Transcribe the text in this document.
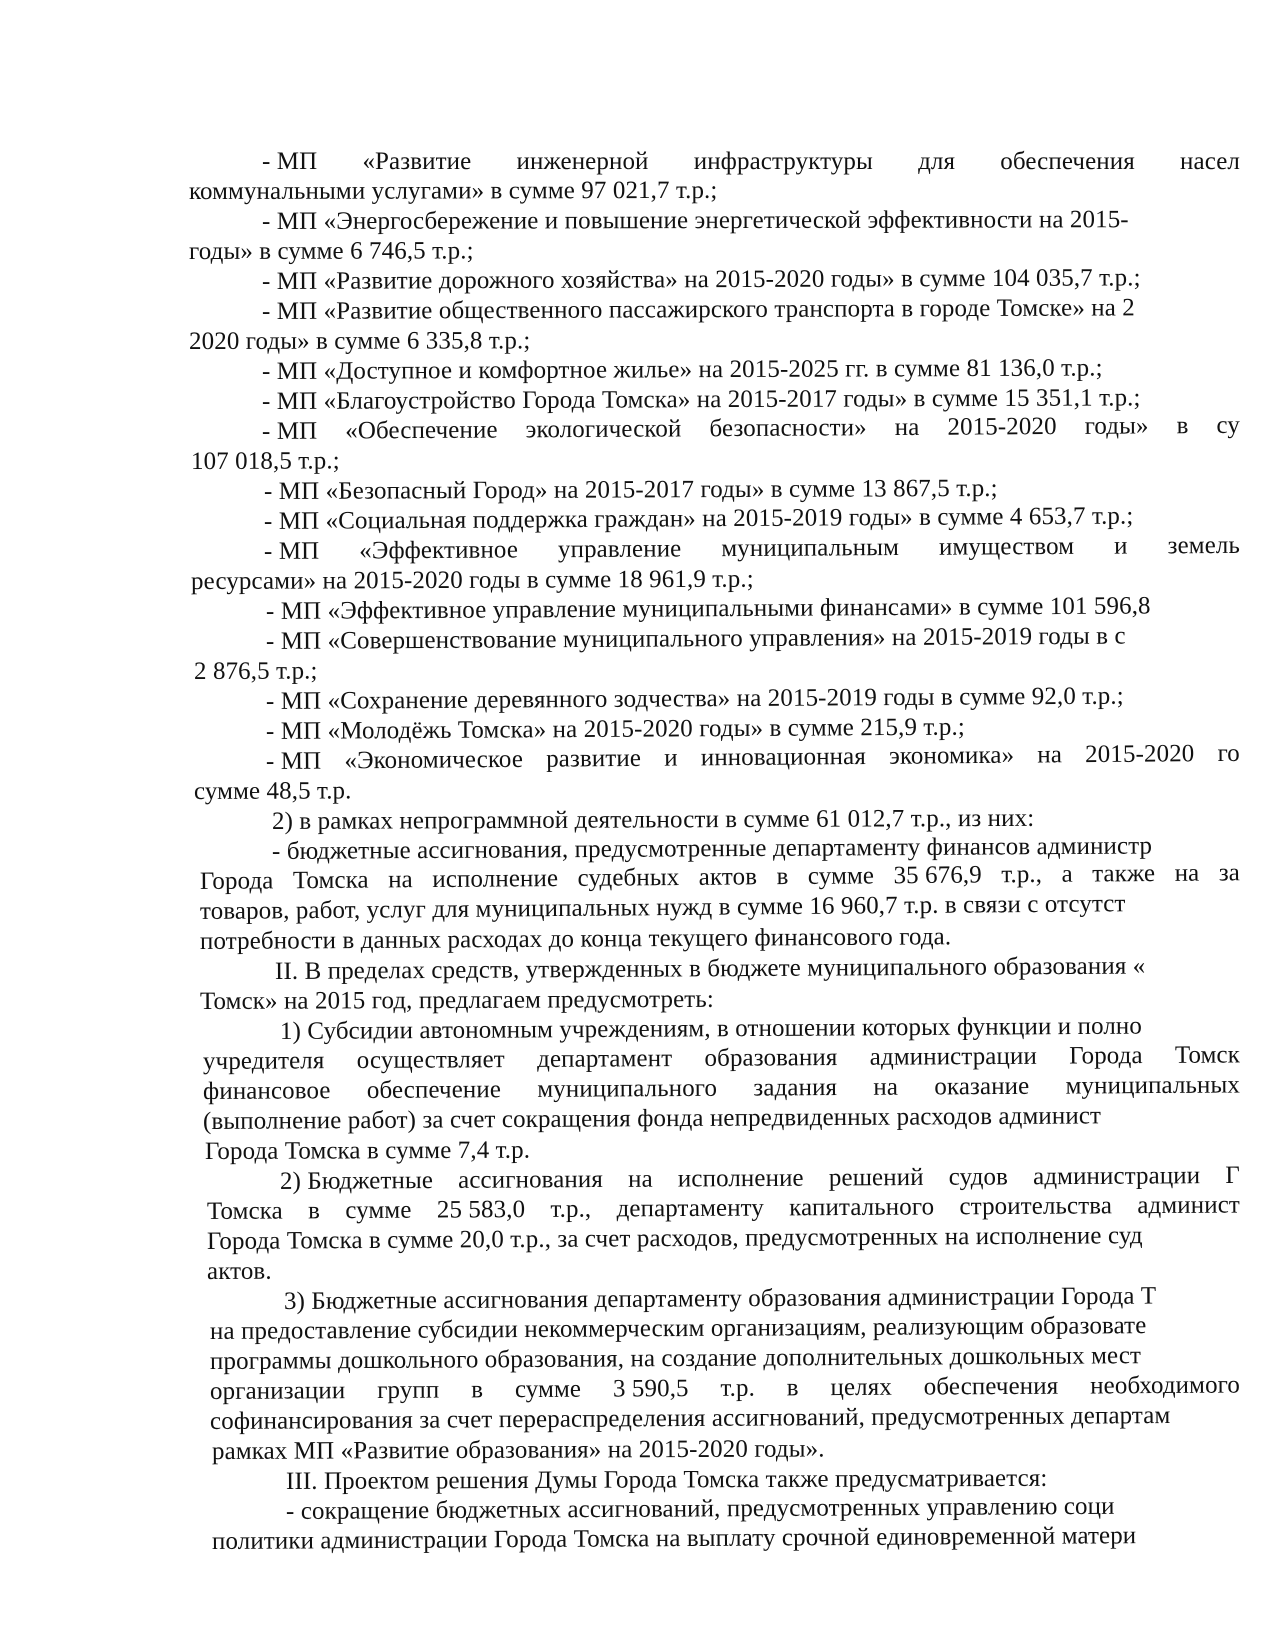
- МП «Развитие инженерной инфраструктуры для обеспечения насел
коммунальными услугами» в сумме 97 021,7 т.р.;
- МП «Энергосбережение и повышение энергетической эффективности на 2015-
годы» в сумме 6 746,5 т.р.;
- МП «Развитие дорожного хозяйства» на 2015-2020 годы» в сумме 104 035,7 т.р.;
- МП «Развитие общественного пассажирского транспорта в городе Томске» на 2
2020 годы» в сумме 6 335,8 т.р.;
- МП «Доступное и комфортное жилье» на 2015-2025 гг. в сумме 81 136,0 т.р.;
- МП «Благоустройство Города Томска» на 2015-2017 годы» в сумме 15 351,1 т.р.;
- МП «Обеспечение экологической безопасности» на 2015-2020 годы» в су
107 018,5 т.р.;
- МП «Безопасный Город» на 2015-2017 годы» в сумме 13 867,5 т.р.;
- МП «Социальная поддержка граждан» на 2015-2019 годы» в сумме 4 653,7 т.р.;
- МП «Эффективное управление муниципальным имуществом и земель
ресурсами» на 2015-2020 годы в сумме 18 961,9 т.р.;
- МП «Эффективное управление муниципальными финансами» в сумме 101 596,8
- МП «Совершенствование муниципального управления» на 2015-2019 годы в с
2 876,5 т.р.;
- МП «Сохранение деревянного зодчества» на 2015-2019 годы в сумме 92,0 т.р.;
- МП «Молодёжь Томска» на 2015-2020 годы» в сумме 215,9 т.р.;
- МП «Экономическое развитие и инновационная экономика» на 2015-2020 го
сумме 48,5 т.р.
2) в рамках непрограммной деятельности в сумме 61 012,7 т.р., из них:
- бюджетные ассигнования, предусмотренные департаменту финансов администр
Города Томска на исполнение судебных актов в сумме 35 676,9 т.р., а также на за
товаров, работ, услуг для муниципальных нужд в сумме 16 960,7 т.р. в связи с отсутст
потребности в данных расходах до конца текущего финансового года.
II. В пределах средств, утвержденных в бюджете муниципального образования «
Томск» на 2015 год, предлагаем предусмотреть:
1) Субсидии автономным учреждениям, в отношении которых функции и полно
учредителя осуществляет департамент образования администрации Города Томск
финансовое обеспечение муниципального задания на оказание муниципальных
(выполнение работ) за счет сокращения фонда непредвиденных расходов админист
Города Томска в сумме 7,4 т.р.
2) Бюджетные ассигнования на исполнение решений судов администрации Г
Томска в сумме 25 583,0 т.р., департаменту капитального строительства админист
Города Томска в сумме 20,0 т.р., за счет расходов, предусмотренных на исполнение суд
актов.
3) Бюджетные ассигнования департаменту образования администрации Города Т
на предоставление субсидии некоммерческим организациям, реализующим образовате
программы дошкольного образования, на создание дополнительных дошкольных мест
организации групп в сумме 3 590,5 т.р. в целях обеспечения необходимого
софинансирования за счет перераспределения ассигнований, предусмотренных департам
рамках МП «Развитие образования» на 2015-2020 годы».
III. Проектом решения Думы Города Томска также предусматривается:
- сокращение бюджетных ассигнований, предусмотренных управлению соци
политики администрации Города Томска на выплату срочной единовременной матери
